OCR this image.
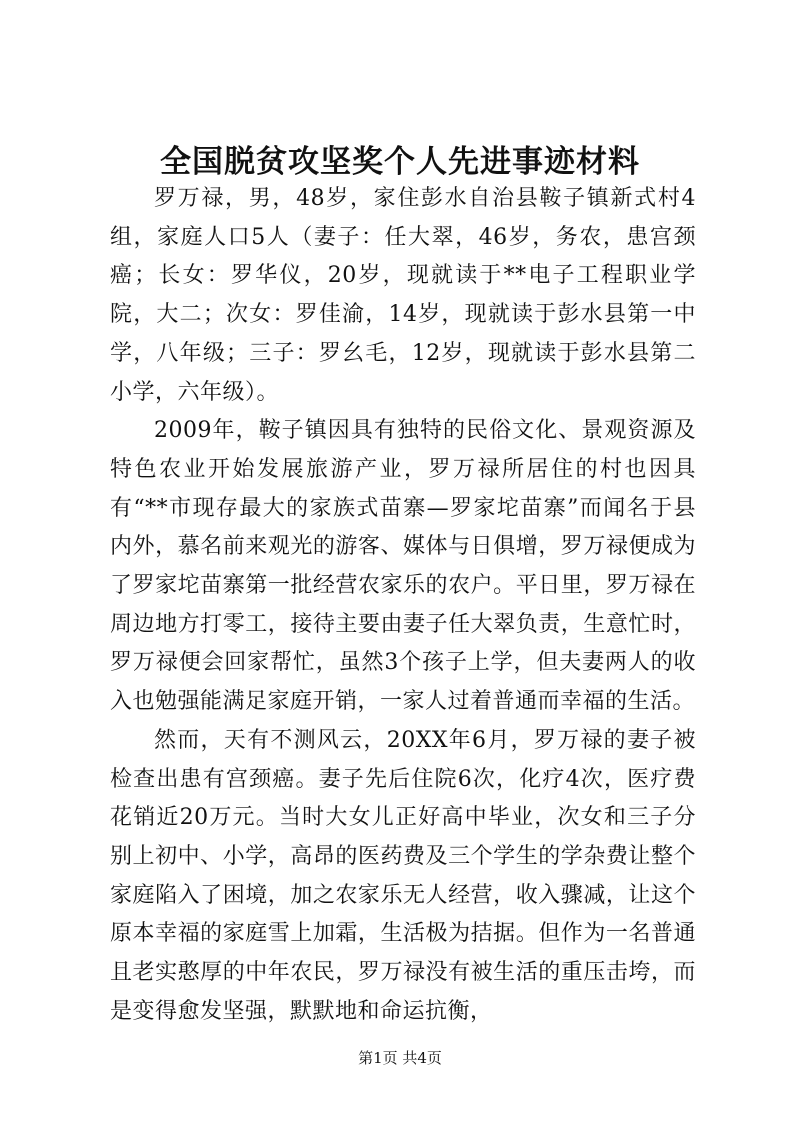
全国脱贫攻坚奖个人先进事迹材料

罗万禄，男，48岁，家住彭水自治县鞍子镇新式村4组，家庭人口5人（妻子：任大翠，46岁，务农，患宫颈癌；长女：罗华仪，20岁，现就读于**电子工程职业学院，大二；次女：罗佳渝，14岁，现就读于彭水县第一中学，八年级；三子：罗幺毛，12岁，现就读于彭水县第二小学，六年级）。

2009年，鞍子镇因具有独特的民俗文化、景观资源及特色农业开始发展旅游产业，罗万禄所居住的村也因具有“**市现存最大的家族式苗寨—罗家坨苗寨”而闻名于县内外，慕名前来观光的游客、媒体与日俱增，罗万禄便成为了罗家坨苗寨第一批经营农家乐的农户。平日里，罗万禄在周边地方打零工，接待主要由妻子任大翠负责，生意忙时，罗万禄便会回家帮忙，虽然3个孩子上学，但夫妻两人的收入也勉强能满足家庭开销，一家人过着普通而幸福的生活。

然而，天有不测风云，20XX年6月，罗万禄的妻子被检查出患有宫颈癌。妻子先后住院6次，化疗4次，医疗费花销近20万元。当时大女儿正好高中毕业，次女和三子分别上初中、小学，高昂的医药费及三个学生的学杂费让整个家庭陷入了困境，加之农家乐无人经营，收入骤减，让这个原本幸福的家庭雪上加霜，生活极为拮据。但作为一名普通且老实憨厚的中年农民，罗万禄没有被生活的重压击垮，而是变得愈发坚强，默默地和命运抗衡，

第1页 共4页
